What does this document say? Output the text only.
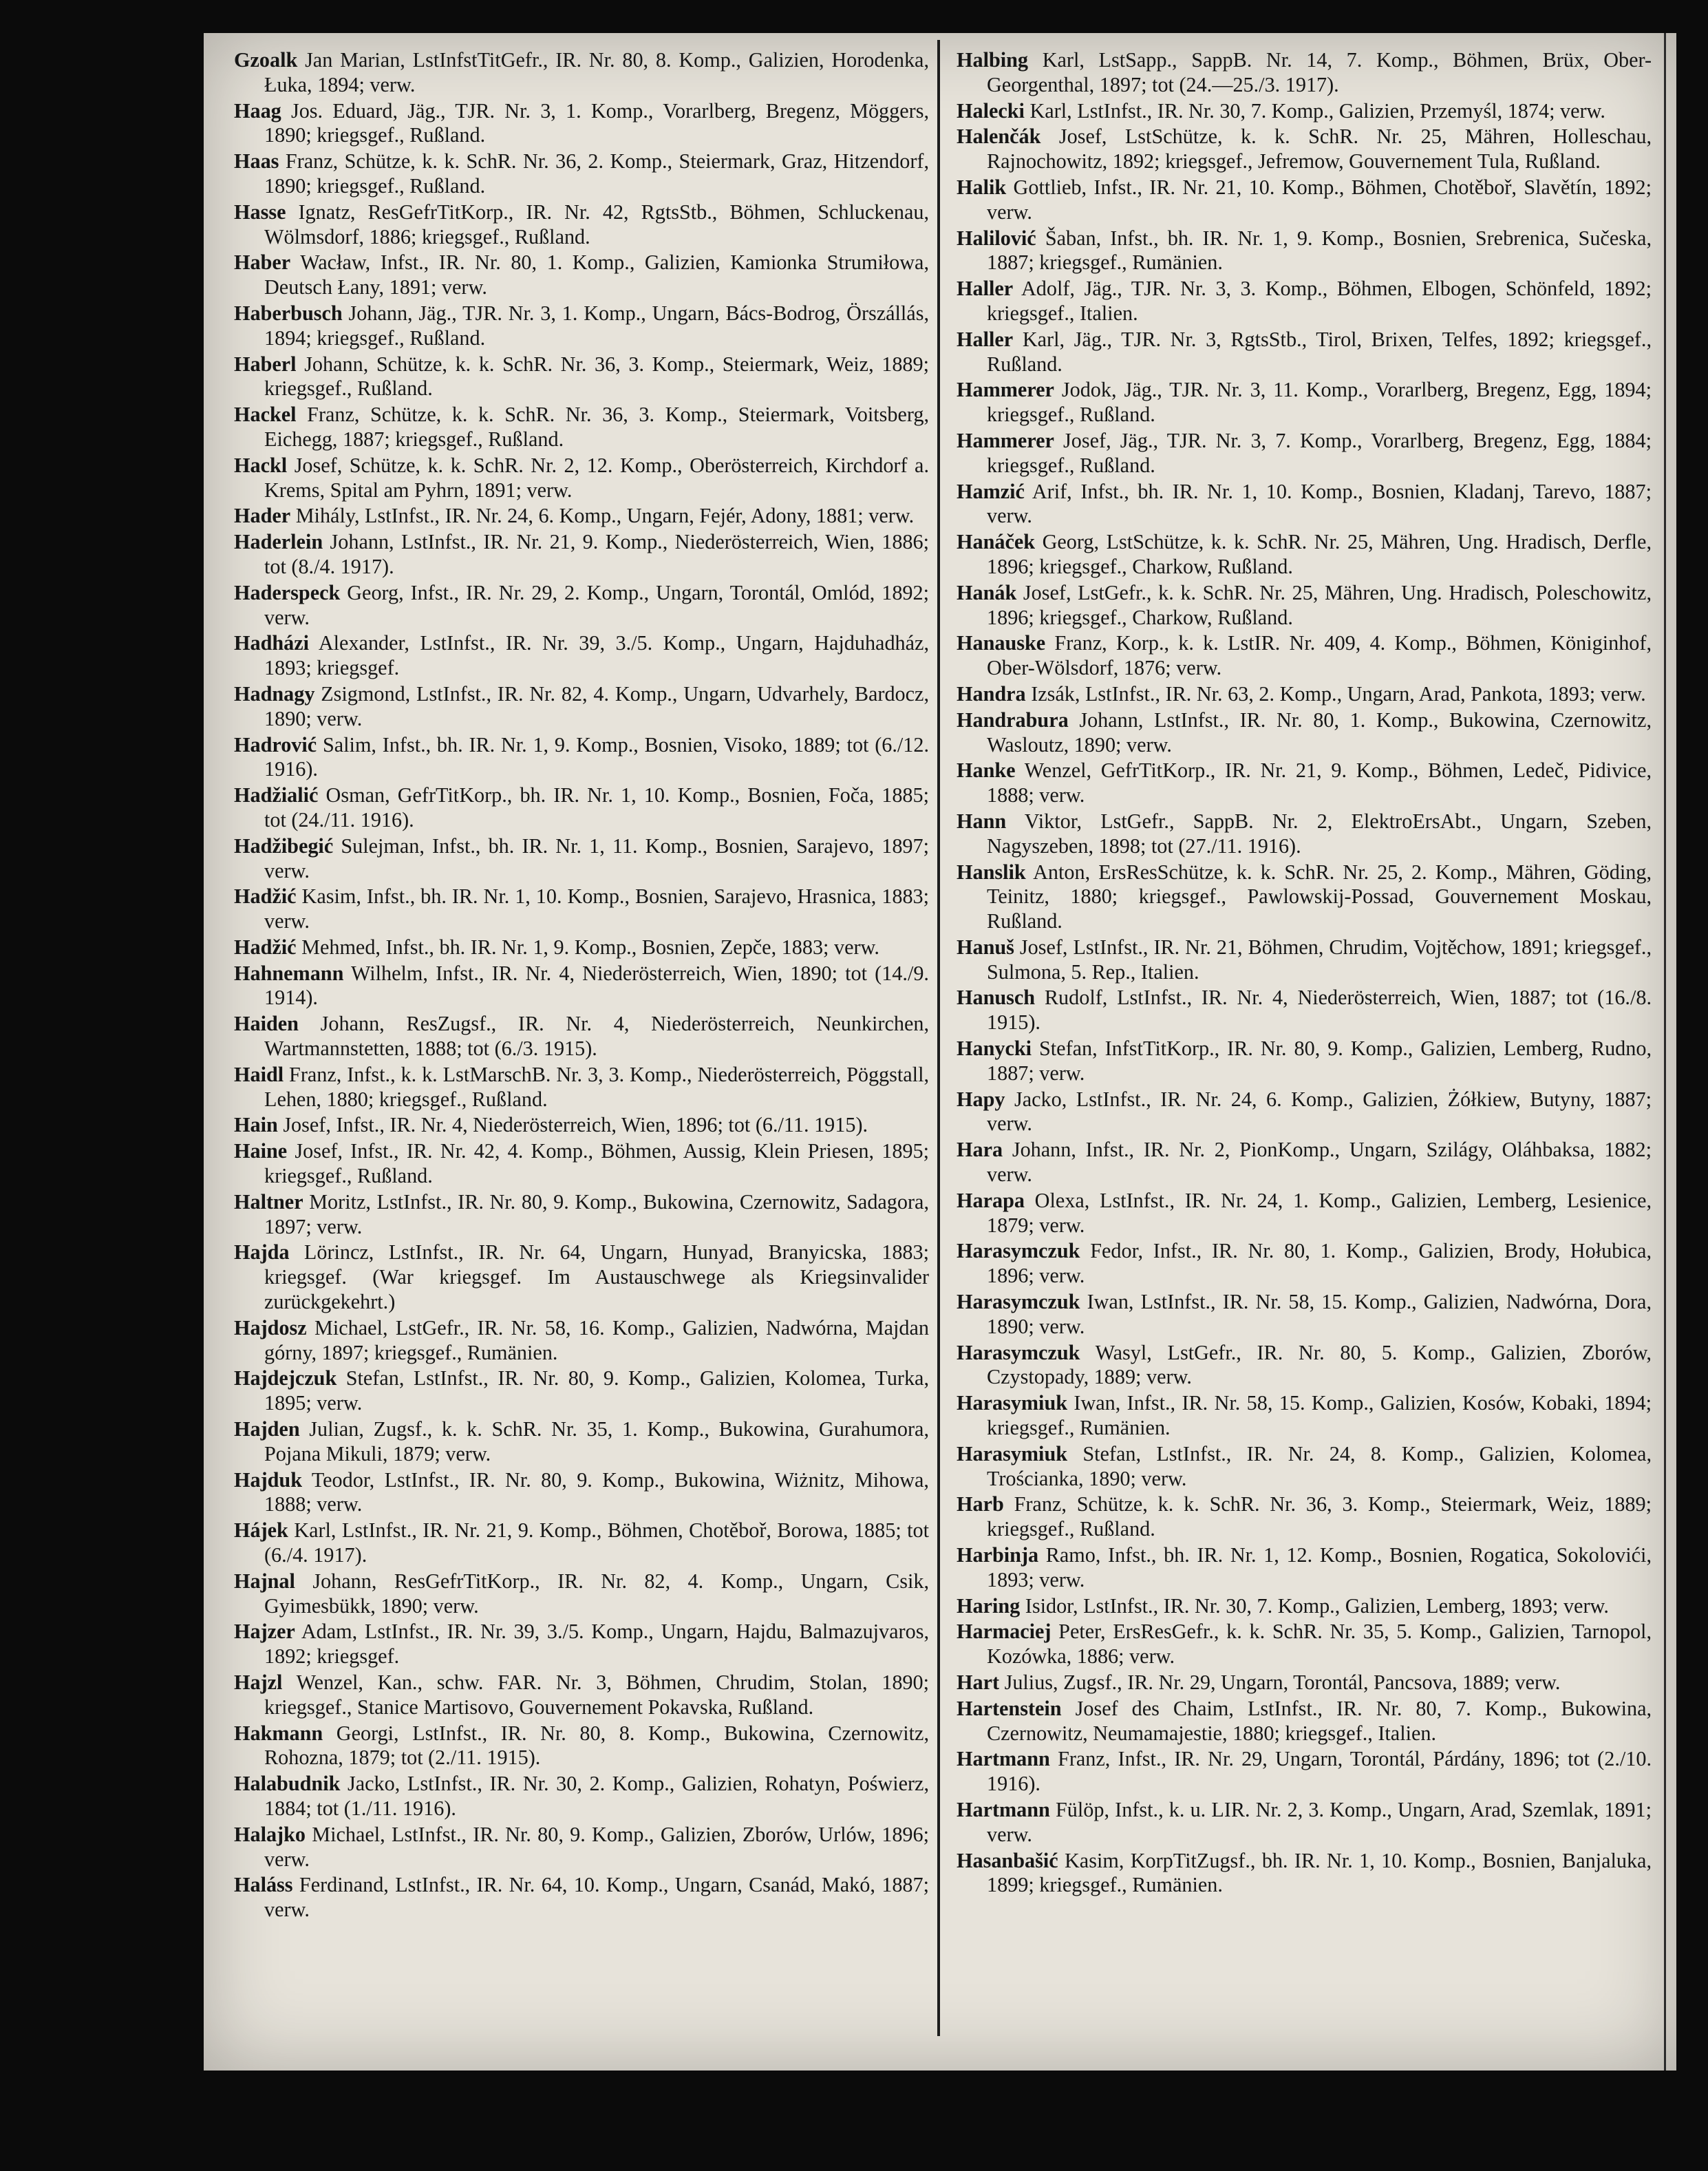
Gzoalk Jan Marian, LstInfstTitGefr., IR. Nr. 80, 8. Komp., Galizien, Horodenka, Łuka, 1894; verw.

Haag Jos. Eduard, Jäg., TJR. Nr. 3, 1. Komp., Vorarlberg, Bregenz, Möggers, 1890; kriegsgef., Rußland.

Haas Franz, Schütze, k. k. SchR. Nr. 36, 2. Komp., Steiermark, Graz, Hitzendorf, 1890; kriegsgef., Rußland.

Hasse Ignatz, ResGefrTitKorp., IR. Nr. 42, RgtsStb., Böhmen, Schluckenau, Wölmsdorf, 1886; kriegsgef., Rußland.

Haber Wacław, Infst., IR. Nr. 80, 1. Komp., Galizien, Kamionka Strumiłowa, Deutsch Łany, 1891; verw.

Haberbusch Johann, Jäg., TJR. Nr. 3, 1. Komp., Ungarn, Bács-Bodrog, Örszállás, 1894; kriegsgef., Rußland.

Haberl Johann, Schütze, k. k. SchR. Nr. 36, 3. Komp., Steiermark, Weiz, 1889; kriegsgef., Rußland.

Hackel Franz, Schütze, k. k. SchR. Nr. 36, 3. Komp., Steiermark, Voitsberg, Eichegg, 1887; kriegsgef., Rußland.

Hackl Josef, Schütze, k. k. SchR. Nr. 2, 12. Komp., Oberösterreich, Kirchdorf a. Krems, Spital am Pyhrn, 1891; verw.

Hader Mihály, LstInfst., IR. Nr. 24, 6. Komp., Ungarn, Fejér, Adony, 1881; verw.

Haderlein Johann, LstInfst., IR. Nr. 21, 9. Komp., Niederösterreich, Wien, 1886; tot (8./4. 1917).

Haderspeck Georg, Infst., IR. Nr. 29, 2. Komp., Ungarn, Torontál, Omlód, 1892; verw.

Hadházi Alexander, LstInfst., IR. Nr. 39, 3./5. Komp., Ungarn, Hajduhadház, 1893; kriegsgef.

Hadnagy Zsigmond, LstInfst., IR. Nr. 82, 4. Komp., Ungarn, Udvarhely, Bardocz, 1890; verw.

Hadrović Salim, Infst., bh. IR. Nr. 1, 9. Komp., Bosnien, Visoko, 1889; tot (6./12. 1916).

Hadžialić Osman, GefrTitKorp., bh. IR. Nr. 1, 10. Komp., Bosnien, Foča, 1885; tot (24./11. 1916).

Hadžibegić Sulejman, Infst., bh. IR. Nr. 1, 11. Komp., Bosnien, Sarajevo, 1897; verw.

Hadžić Kasim, Infst., bh. IR. Nr. 1, 10. Komp., Bosnien, Sarajevo, Hrasnica, 1883; verw.

Hadžić Mehmed, Infst., bh. IR. Nr. 1, 9. Komp., Bosnien, Zepče, 1883; verw.

Hahnemann Wilhelm, Infst., IR. Nr. 4, Niederösterreich, Wien, 1890; tot (14./9. 1914).

Haiden Johann, ResZugsf., IR. Nr. 4, Niederösterreich, Neunkirchen, Wartmannstetten, 1888; tot (6./3. 1915).

Haidl Franz, Infst., k. k. LstMarschB. Nr. 3, 3. Komp., Niederösterreich, Pöggstall, Lehen, 1880; kriegsgef., Rußland.

Hain Josef, Infst., IR. Nr. 4, Niederösterreich, Wien, 1896; tot (6./11. 1915).

Haine Josef, Infst., IR. Nr. 42, 4. Komp., Böhmen, Aussig, Klein Priesen, 1895; kriegsgef., Rußland.

Haltner Moritz, LstInfst., IR. Nr. 80, 9. Komp., Bukowina, Czernowitz, Sadagora, 1897; verw.

Hajda Lörincz, LstInfst., IR. Nr. 64, Ungarn, Hunyad, Branyicska, 1883; kriegsgef. (War kriegsgef. Im Austauschwege als Kriegsinvalider zurückgekehrt.)

Hajdosz Michael, LstGefr., IR. Nr. 58, 16. Komp., Galizien, Nadwórna, Majdan górny, 1897; kriegsgef., Rumänien.

Hajdejczuk Stefan, LstInfst., IR. Nr. 80, 9. Komp., Galizien, Kolomea, Turka, 1895; verw.

Hajden Julian, Zugsf., k. k. SchR. Nr. 35, 1. Komp., Bukowina, Gurahumora, Pojana Mikuli, 1879; verw.

Hajduk Teodor, LstInfst., IR. Nr. 80, 9. Komp., Bukowina, Wiżnitz, Mihowa, 1888; verw.

Hájek Karl, LstInfst., IR. Nr. 21, 9. Komp., Böhmen, Chotěboř, Borowa, 1885; tot (6./4. 1917).

Hajnal Johann, ResGefrTitKorp., IR. Nr. 82, 4. Komp., Ungarn, Csik, Gyimesbükk, 1890; verw.

Hajzer Adam, LstInfst., IR. Nr. 39, 3./5. Komp., Ungarn, Hajdu, Balmazujvaros, 1892; kriegsgef.

Hajzl Wenzel, Kan., schw. FAR. Nr. 3, Böhmen, Chrudim, Stolan, 1890; kriegsgef., Stanice Martisovo, Gouvernement Pokavska, Rußland.

Hakmann Georgi, LstInfst., IR. Nr. 80, 8. Komp., Bukowina, Czernowitz, Rohozna, 1879; tot (2./11. 1915).

Halabudnik Jacko, LstInfst., IR. Nr. 30, 2. Komp., Galizien, Rohatyn, Poświerz, 1884; tot (1./11. 1916).

Halajko Michael, LstInfst., IR. Nr. 80, 9. Komp., Galizien, Zborów, Urlów, 1896; verw.

Haláss Ferdinand, LstInfst., IR. Nr. 64, 10. Komp., Ungarn, Csanád, Makó, 1887; verw.

Halbing Karl, LstSapp., SappB. Nr. 14, 7. Komp., Böhmen, Brüx, Ober-Georgenthal, 1897; tot (24.—25./3. 1917).

Halecki Karl, LstInfst., IR. Nr. 30, 7. Komp., Galizien, Przemyśl, 1874; verw.

Halenčák Josef, LstSchütze, k. k. SchR. Nr. 25, Mähren, Holleschau, Rajnochowitz, 1892; kriegsgef., Jefremow, Gouvernement Tula, Rußland.

Halik Gottlieb, Infst., IR. Nr. 21, 10. Komp., Böhmen, Chotěboř, Slavětín, 1892; verw.

Halilović Šaban, Infst., bh. IR. Nr. 1, 9. Komp., Bosnien, Srebrenica, Sučeska, 1887; kriegsgef., Rumänien.

Haller Adolf, Jäg., TJR. Nr. 3, 3. Komp., Böhmen, Elbogen, Schönfeld, 1892; kriegsgef., Italien.

Haller Karl, Jäg., TJR. Nr. 3, RgtsStb., Tirol, Brixen, Telfes, 1892; kriegsgef., Rußland.

Hammerer Jodok, Jäg., TJR. Nr. 3, 11. Komp., Vorarlberg, Bregenz, Egg, 1894; kriegsgef., Rußland.

Hammerer Josef, Jäg., TJR. Nr. 3, 7. Komp., Vorarlberg, Bregenz, Egg, 1884; kriegsgef., Rußland.

Hamzić Arif, Infst., bh. IR. Nr. 1, 10. Komp., Bosnien, Kladanj, Tarevo, 1887; verw.

Hanáček Georg, LstSchütze, k. k. SchR. Nr. 25, Mähren, Ung. Hradisch, Derfle, 1896; kriegsgef., Charkow, Rußland.

Hanák Josef, LstGefr., k. k. SchR. Nr. 25, Mähren, Ung. Hradisch, Poleschowitz, 1896; kriegsgef., Charkow, Rußland.

Hanauske Franz, Korp., k. k. LstIR. Nr. 409, 4. Komp., Böhmen, Königinhof, Ober-Wölsdorf, 1876; verw.

Handra Izsák, LstInfst., IR. Nr. 63, 2. Komp., Ungarn, Arad, Pankota, 1893; verw.

Handrabura Johann, LstInfst., IR. Nr. 80, 1. Komp., Bukowina, Czernowitz, Wasloutz, 1890; verw.

Hanke Wenzel, GefrTitKorp., IR. Nr. 21, 9. Komp., Böhmen, Ledeč, Pidivice, 1888; verw.

Hann Viktor, LstGefr., SappB. Nr. 2, ElektroErsAbt., Ungarn, Szeben, Nagyszeben, 1898; tot (27./11. 1916).

Hanslik Anton, ErsResSchütze, k. k. SchR. Nr. 25, 2. Komp., Mähren, Göding, Teinitz, 1880; kriegsgef., Pawlowskij-Possad, Gouvernement Moskau, Rußland.

Hanuš Josef, LstInfst., IR. Nr. 21, Böhmen, Chrudim, Vojtěchow, 1891; kriegsgef., Sulmona, 5. Rep., Italien.

Hanusch Rudolf, LstInfst., IR. Nr. 4, Niederösterreich, Wien, 1887; tot (16./8. 1915).

Hanycki Stefan, InfstTitKorp., IR. Nr. 80, 9. Komp., Galizien, Lemberg, Rudno, 1887; verw.

Hapy Jacko, LstInfst., IR. Nr. 24, 6. Komp., Galizien, Żółkiew, Butyny, 1887; verw.

Hara Johann, Infst., IR. Nr. 2, PionKomp., Ungarn, Szilágy, Oláhbaksa, 1882; verw.

Harapa Olexa, LstInfst., IR. Nr. 24, 1. Komp., Galizien, Lemberg, Lesienice, 1879; verw.

Harasymczuk Fedor, Infst., IR. Nr. 80, 1. Komp., Galizien, Brody, Hołubica, 1896; verw.

Harasymczuk Iwan, LstInfst., IR. Nr. 58, 15. Komp., Galizien, Nadwórna, Dora, 1890; verw.

Harasymczuk Wasyl, LstGefr., IR. Nr. 80, 5. Komp., Galizien, Zborów, Czystopady, 1889; verw.

Harasymiuk Iwan, Infst., IR. Nr. 58, 15. Komp., Galizien, Kosów, Kobaki, 1894; kriegsgef., Rumänien.

Harasymiuk Stefan, LstInfst., IR. Nr. 24, 8. Komp., Galizien, Kolomea, Trościanka, 1890; verw.

Harb Franz, Schütze, k. k. SchR. Nr. 36, 3. Komp., Steiermark, Weiz, 1889; kriegsgef., Rußland.

Harbinja Ramo, Infst., bh. IR. Nr. 1, 12. Komp., Bosnien, Rogatica, Sokolovići, 1893; verw.

Haring Isidor, LstInfst., IR. Nr. 30, 7. Komp., Galizien, Lemberg, 1893; verw.

Harmaciej Peter, ErsResGefr., k. k. SchR. Nr. 35, 5. Komp., Galizien, Tarnopol, Kozówka, 1886; verw.

Hart Julius, Zugsf., IR. Nr. 29, Ungarn, Torontál, Pancsova, 1889; verw.

Hartenstein Josef des Chaim, LstInfst., IR. Nr. 80, 7. Komp., Bukowina, Czernowitz, Neumamajestie, 1880; kriegsgef., Italien.

Hartmann Franz, Infst., IR. Nr. 29, Ungarn, Torontál, Párdány, 1896; tot (2./10. 1916).

Hartmann Fülöp, Infst., k. u. LIR. Nr. 2, 3. Komp., Ungarn, Arad, Szemlak, 1891; verw.

Hasanbašić Kasim, KorpTitZugsf., bh. IR. Nr. 1, 10. Komp., Bosnien, Banjaluka, 1899; kriegsgef., Rumänien.
